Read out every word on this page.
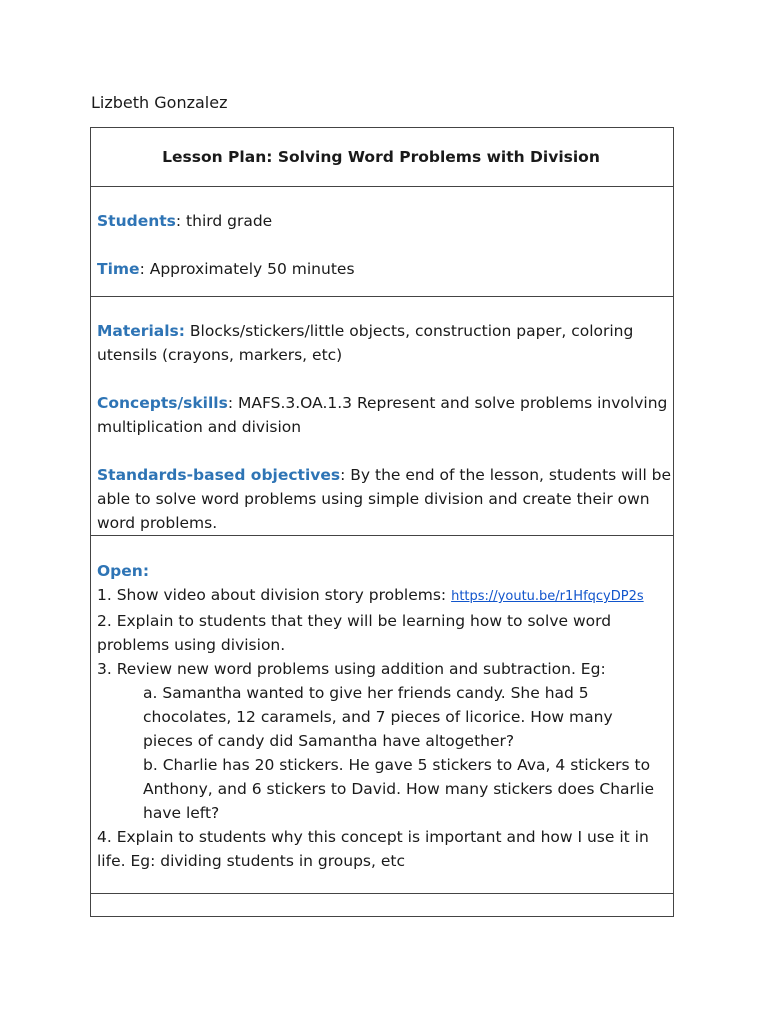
Lizbeth Gonzalez
Lesson Plan: Solving Word Problems with Division
Students: third grade
Time: Approximately 50 minutes
Materials: Blocks/stickers/little objects, construction paper, coloring
utensils (crayons, markers, etc)
Concepts/skills: MAFS.3.OA.1.3 Represent and solve problems involving
multiplication and division
Standards-based objectives: By the end of the lesson, students will be
able to solve word problems using simple division and create their own
word problems.
Open:
1. Show video about division story problems: https://youtu.be/r1HfqcyDP2s
2. Explain to students that they will be learning how to solve word
problems using division.
3. Review new word problems using addition and subtraction. Eg:
a. Samantha wanted to give her friends candy. She had 5
chocolates, 12 caramels, and 7 pieces of licorice. How many
pieces of candy did Samantha have altogether?
b. Charlie has 20 stickers. He gave 5 stickers to Ava, 4 stickers to
Anthony, and 6 stickers to David. How many stickers does Charlie
have left?
4. Explain to students why this concept is important and how I use it in
life. Eg: dividing students in groups, etc
